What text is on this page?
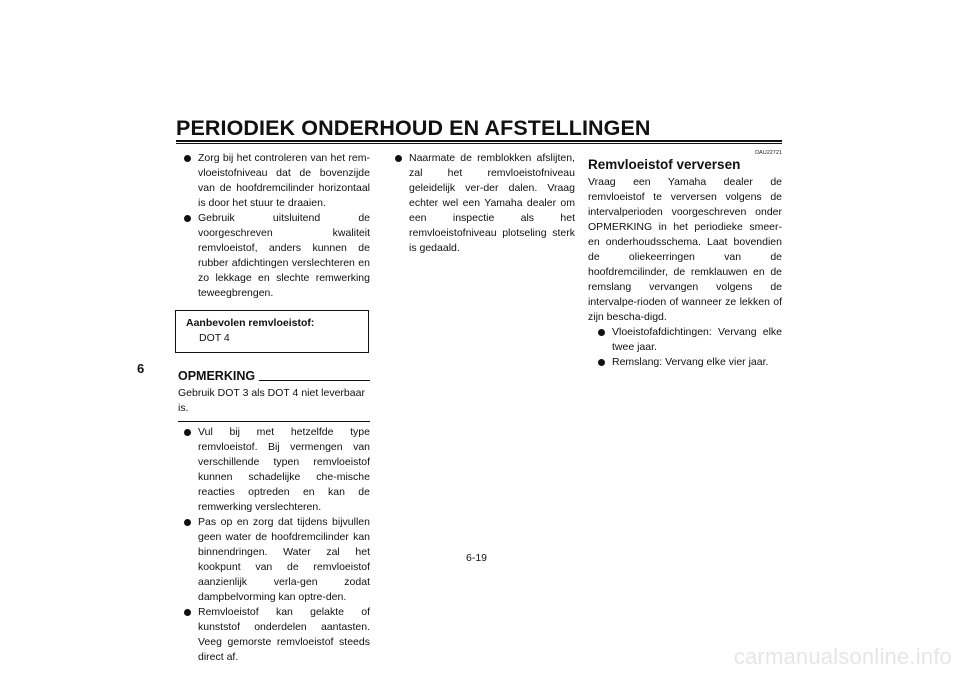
PERIODIEK ONDERHOUD EN AFSTELLINGEN
6
Zorg bij het controleren van het rem-vloeistofniveau dat de bovenzijde van de hoofdremcilinder horizontaal is door het stuur te draaien.
Gebruik uitsluitend de voorgeschreven kwaliteit remvloeistof, anders kunnen de rubber afdichtingen verslechteren en zo lekkage en slechte remwerking teweegbrengen.
Aanbevolen remvloeistof:
DOT 4
OPMERKING
Gebruik DOT 3 als DOT 4 niet leverbaar is.
Vul bij met hetzelfde type remvloeistof. Bij vermengen van verschillende typen remvloeistof kunnen schadelijke che-mische reacties optreden en kan de remwerking verslechteren.
Pas op en zorg dat tijdens bijvullen geen water de hoofdremcilinder kan binnendringen. Water zal het kookpunt van de remvloeistof aanzienlijk verla-gen zodat dampbelvorming kan optre-den.
Remvloeistof kan gelakte of kunststof onderdelen aantasten. Veeg gemorste remvloeistof steeds direct af.
Naarmate de remblokken afslijten, zal het remvloeistofniveau geleidelijk ver-der dalen. Vraag echter wel een Yamaha dealer om een inspectie als het remvloeistofniveau plotseling sterk is gedaald.
DAU22721
Remvloeistof verversen
Vraag een Yamaha dealer de remvloeistof te verversen volgens de intervalperioden voorgeschreven onder OPMERKING in het periodieke smeer- en onderhoudsschema. Laat bovendien de oliekeerringen van de hoofdremcilinder, de remklauwen en de remslang vervangen volgens de intervalpe-rioden of wanneer ze lekken of zijn bescha-digd.
Vloeistofafdichtingen: Vervang elke twee jaar.
Remslang: Vervang elke vier jaar.
6-19
carmanualsonline.info
